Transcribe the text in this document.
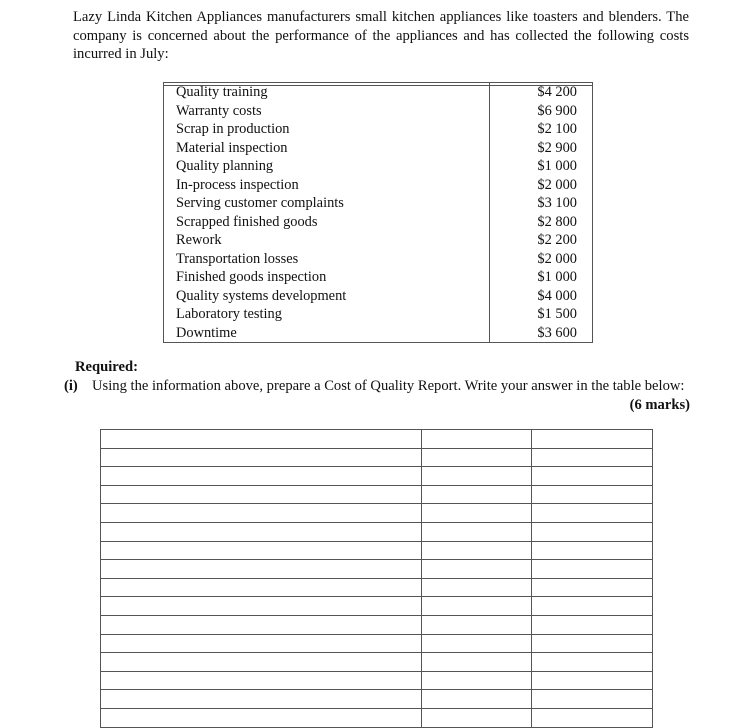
Lazy Linda Kitchen Appliances manufacturers small kitchen appliances like toasters and blenders. The company is concerned about the performance of the appliances and has collected the following costs incurred in July:
Quality training	$4 200
Warranty costs	$6 900
Scrap in production	$2 100
Material inspection	$2 900
Quality planning	$1 000
In-process inspection	$2 000
Serving customer complaints	$3 100
Scrapped finished goods	$2 800
Rework	$2 200
Transportation losses	$2 000
Finished goods inspection	$1 000
Quality systems development	$4 000
Laboratory testing	$1 500
Downtime	$3 600
Required:
(i) Using the information above, prepare a Cost of Quality Report. Write your answer in the table below:
(6 marks)
